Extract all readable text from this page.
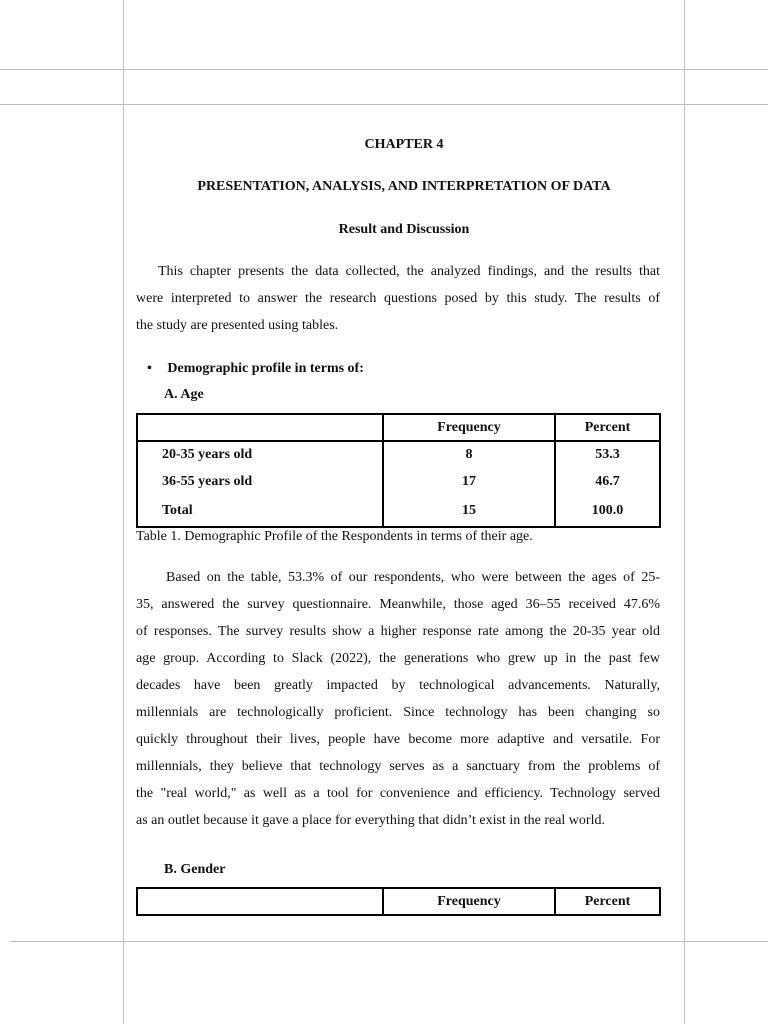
CHAPTER 4
PRESENTATION, ANALYSIS, AND INTERPRETATION OF DATA
Result and Discussion
This chapter presents the data collected, the analyzed findings, and the results that
were interpreted to answer the research questions posed by this study. The results of
the study are presented using tables.
• Demographic profile in terms of:
A. Age
	Frequency	Percent
20-35 years old	8	53.3
36-55 years old	17	46.7
Total	15	100.0
Table 1. Demographic Profile of the Respondents in terms of their age.
Based on the table, 53.3% of our respondents, who were between the ages of 25-
35, answered the survey questionnaire. Meanwhile, those aged 36–55 received 47.6%
of responses. The survey results show a higher response rate among the 20-35 year old
age group. According to Slack (2022), the generations who grew up in the past few
decades have been greatly impacted by technological advancements. Naturally,
millennials are technologically proficient. Since technology has been changing so
quickly throughout their lives, people have become more adaptive and versatile. For
millennials, they believe that technology serves as a sanctuary from the problems of
the "real world," as well as a tool for convenience and efficiency. Technology served
as an outlet because it gave a place for everything that didn’t exist in the real world.
B. Gender
	Frequency	Percent
